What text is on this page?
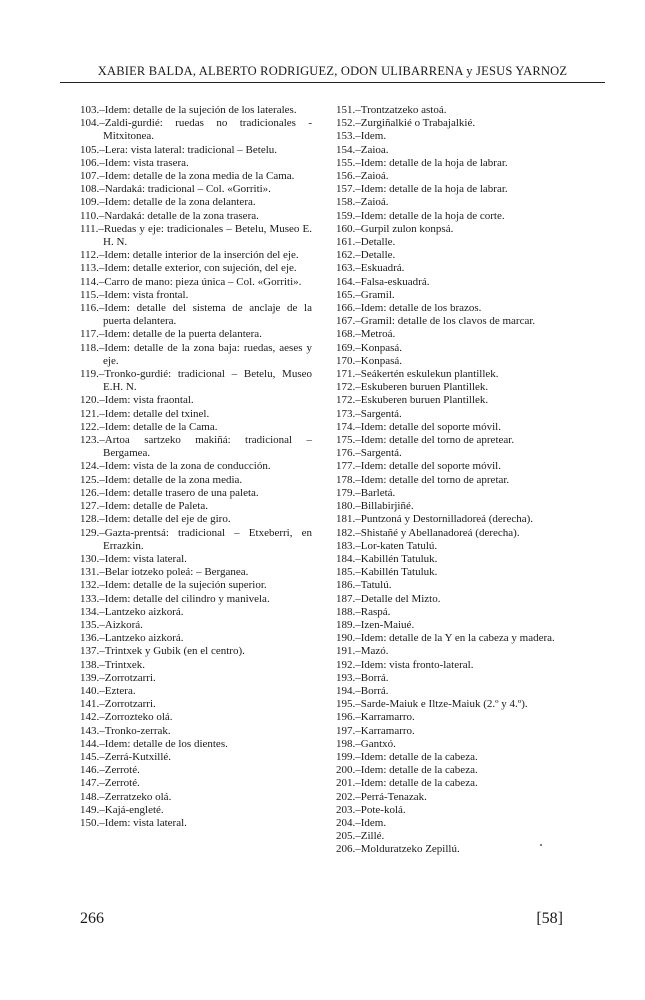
XABIER BALDA, ALBERTO RODRIGUEZ, ODON ULIBARRENA y JESUS YARNOZ

103.–Idem: detalle de la sujeción de los laterales.

104.–Zaldi-gurdié: ruedas no tradicionales - Mitxitonea.

105.–Lera: vista lateral: tradicional – Betelu.

106.–Idem: vista trasera.

107.–Idem: detalle de la zona media de la Cama.

108.–Nardaká: tradicional – Col. «Gorriti».

109.–Idem: detalle de la zona delantera.

110.–Nardaká: detalle de la zona trasera.

111.–Ruedas y eje: tradicionales – Betelu, Museo E. H. N.

112.–Idem: detalle interior de la inserción del eje.

113.–Idem: detalle exterior, con sujeción, del eje.

114.–Carro de mano: pieza única – Col. «Gorriti».

115.–Idem: vista frontal.

116.–Idem: detalle del sistema de anclaje de la puerta delantera.

117.–Idem: detalle de la puerta delantera.

118.–Idem: detalle de la zona baja: ruedas, aeses y eje.

119.–Tronko-gurdié: tradicional – Betelu, Museo E.H. N.

120.–Idem: vista fraontal.

121.–Idem: detalle del txinel.

122.–Idem: detalle de la Cama.

123.–Artoa sartzeko makiñá: tradicional – Bergamea.

124.–Idem: vista de la zona de conducción.

125.–Idem: detalle de la zona media.

126.–Idem: detalle trasero de una paleta.

127.–Idem: detalle de Paleta.

128.–Idem: detalle del eje de giro.

129.–Gazta-prentsá: tradicional – Etxeberri, en Errazkin.

130.–Idem: vista lateral.

131.–Belar iotzeko poleá: – Berganea.

132.–Idem: detalle de la sujeción superior.

133.–Idem: detalle del cilindro y manivela.

134.–Lantzeko aizkorá.

135.–Aizkorá.

136.–Lantzeko aizkorá.

137.–Trintxek y Gubik (en el centro).

138.–Trintxek.

139.–Zorrotzarri.

140.–Eztera.

141.–Zorrotzarri.

142.–Zorrozteko olá.

143.–Tronko-zerrak.

144.–Idem: detalle de los dientes.

145.–Zerrá-Kutxillé.

146.–Zerroté.

147.–Zerroté.

148.–Zerratzeko olá.

149.–Kajá-engleté.

150.–Idem: vista lateral.

151.–Trontzatzeko astoá.

152.–Zurgiñalkié o Trabajalkié.

153.–Idem.

154.–Zaioa.

155.–Idem: detalle de la hoja de labrar.

156.–Zaioá.

157.–Idem: detalle de la hoja de labrar.

158.–Zaioá.

159.–Idem: detalle de la hoja de corte.

160.–Gurpil zulon konpsá.

161.–Detalle.

162.–Detalle.

163.–Eskuadrá.

164.–Falsa-eskuadrá.

165.–Gramil.

166.–Idem: detalle de los brazos.

167.–Gramil: detalle de los clavos de marcar.

168.–Metroá.

169.–Konpasá.

170.–Konpasá.

171.–Seákertén eskulekun plantillek.

172.–Eskuberen buruen Plantillek.

172.–Eskuberen buruen Plantillek.

173.–Sargentá.

174.–Idem: detalle del soporte móvil.

175.–Idem: detalle del torno de apretear.

176.–Sargentá.

177.–Idem: detalle del soporte móvil.

178.–Idem: detalle del torno de apretar.

179.–Barletá.

180.–Billabirjiñé.

181.–Puntzoná y Destornilladoreá (derecha).

182.–Shistañé y Abellanadoreá (derecha).

183.–Lor-katen Tatulú.

184.–Kabillén Tatuluk.

185.–Kabillén Tatuluk.

186.–Tatulú.

187.–Detalle del Mizto.

188.–Raspá.

189.–Izen-Maiué.

190.–Idem: detalle de la Y en la cabeza y madera.

191.–Mazó.

192.–Idem: vista fronto-lateral.

193.–Borrá.

194.–Borrá.

195.–Sarde-Maiuk e Iltze-Maiuk (2.º y 4.º).

196.–Karramarro.

197.–Karramarro.

198.–Gantxó.

199.–Idem: detalle de la cabeza.

200.–Idem: detalle de la cabeza.

201.–Idem: detalle de la cabeza.

202.–Perrá-Tenazak.

203.–Pote-kolá.

204.–Idem.

205.–Zillé.

206.–Molduratzeko Zepillú.

266	[58]
